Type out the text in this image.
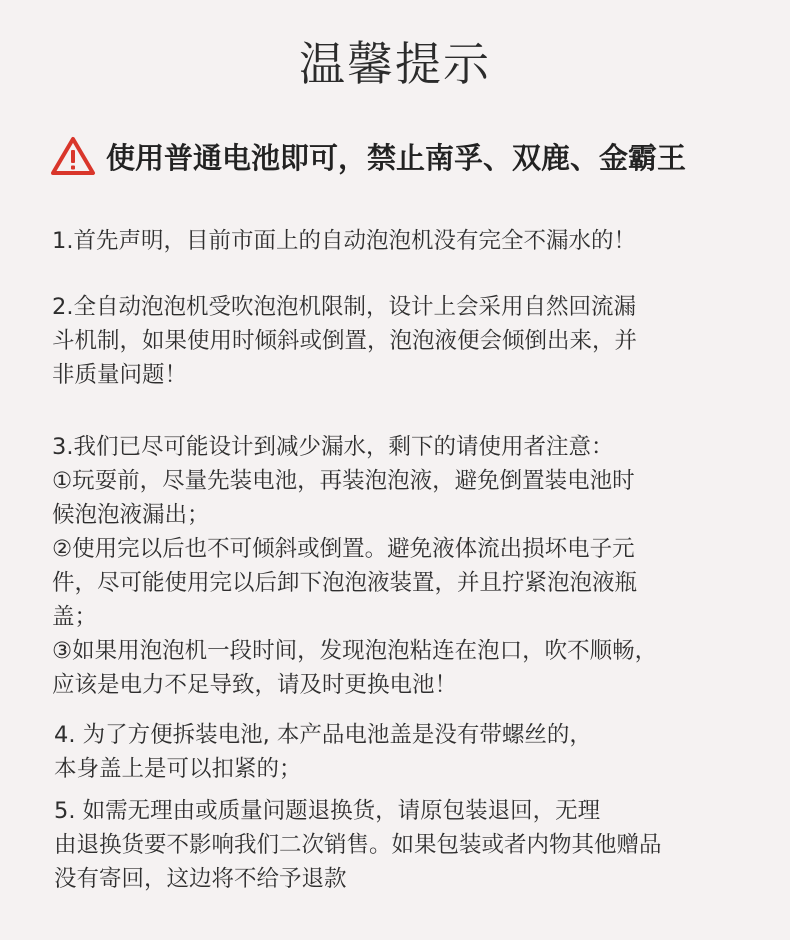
温馨提示
使用普通电池即可，禁止南孚、双鹿、金霸王

1.首先声明，目前市面上的自动泡泡机没有完全不漏水的！

2.全自动泡泡机受吹泡泡机限制，设计上会采用自然回流漏

斗机制，如果使用时倾斜或倒置，泡泡液便会倾倒出来，并

非质量问题！

3.我们已尽可能设计到减少漏水，剩下的请使用者注意：

①玩耍前，尽量先装电池，再装泡泡液，避免倒置装电池时

候泡泡液漏出；

②使用完以后也不可倾斜或倒置。避免液体流出损坏电子元

件，尽可能使用完以后卸下泡泡液装置，并且拧紧泡泡液瓶

盖；

③如果用泡泡机一段时间，发现泡泡粘连在泡口，吹不顺畅，

应该是电力不足导致，请及时更换电池！

4. 为了方便拆装电池, 本产品电池盖是没有带螺丝的，

本身盖上是可以扣紧的；

5. 如需无理由或质量问题退换货，请原包装退回，无理

由退换货要不影响我们二次销售。如果包装或者内物其他赠品

没有寄回，这边将不给予退款
